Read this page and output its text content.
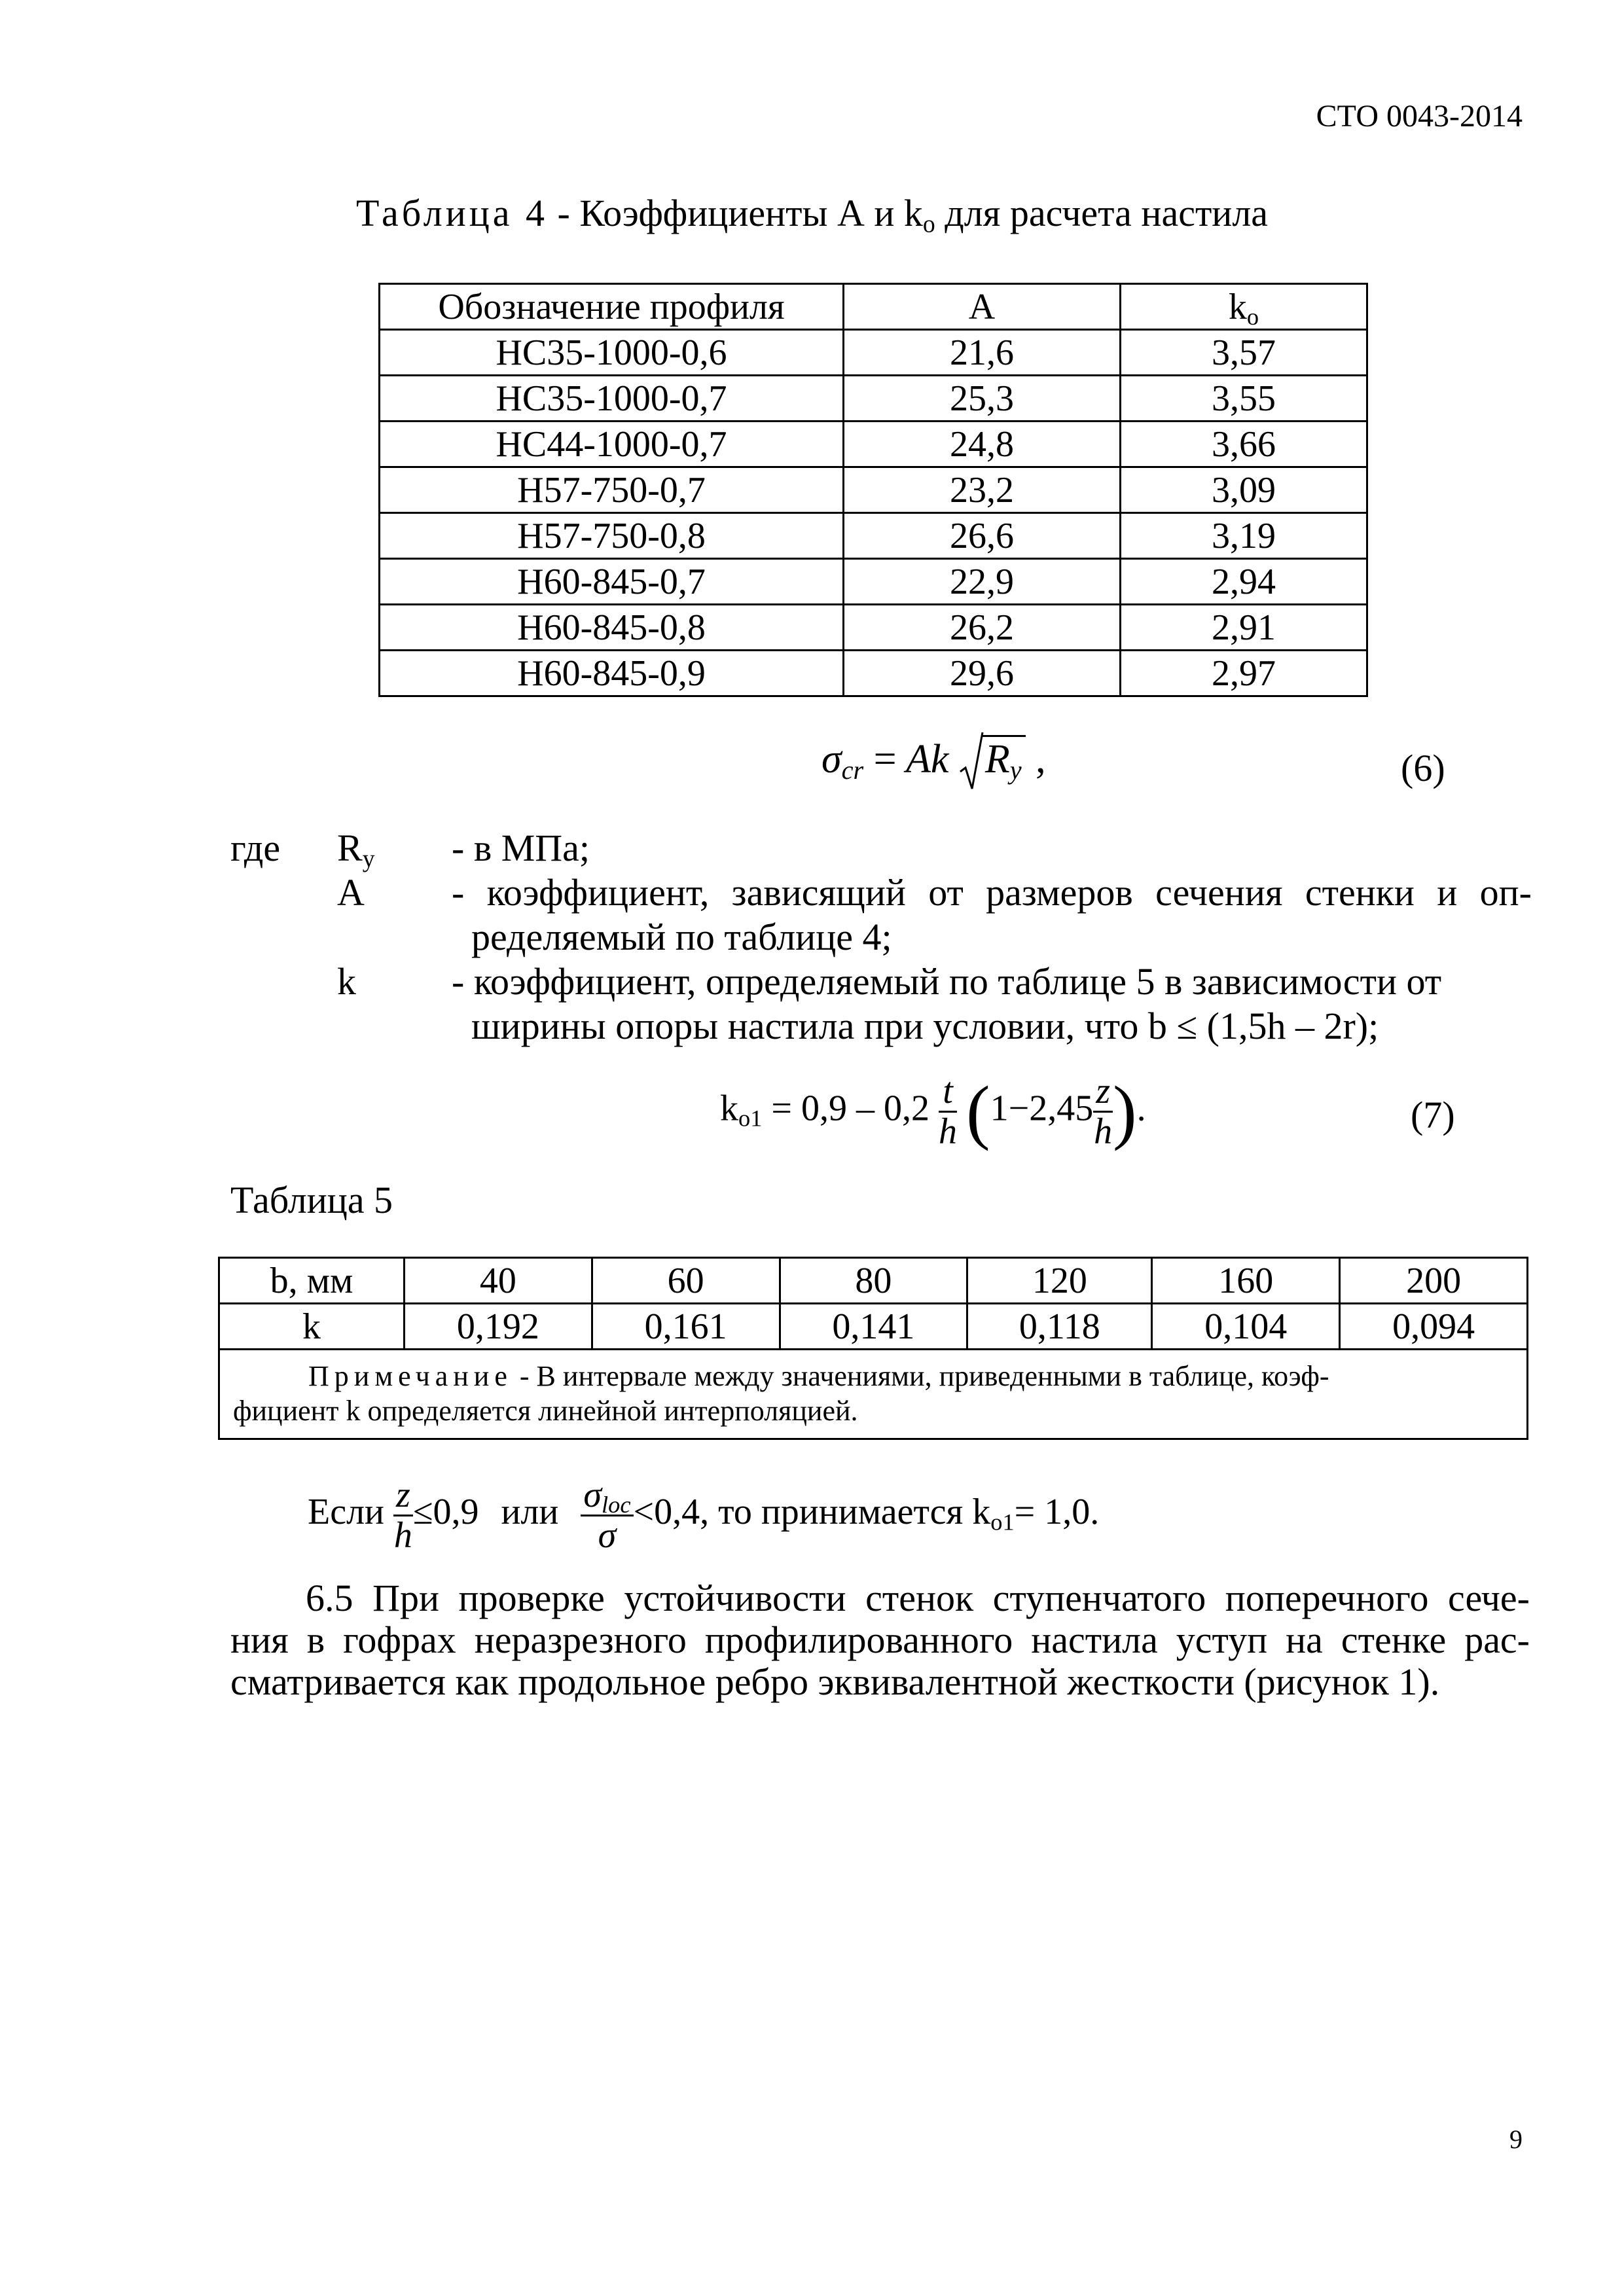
СТО 0043-2014
Таблица 4 - Коэффициенты А и $k_o$ для расчета настила
Обозначение профиля	А	$k_o$
НС35-1000-0,6	21,6	3,57
НС35-1000-0,7	25,3	3,55
НС44-1000-0,7	24,8	3,66
Н57-750-0,7	23,2	3,09
Н57-750-0,8	26,6	3,19
Н60-845-0,7	22,9	2,94
Н60-845-0,8	26,2	2,91
Н60-845-0,9	29,6	2,97
$\sigma_{cr} = Ak$ $R_y$ ,	(6)
где $R_y$ - в МПа;
А - коэффициент, зависящий от размеров сечения стенки и оп-
ределяемый по таблице 4;
k	- коэффициент, определяемый по таблице 5 в зависимости от
ширины опоры настила при условии, что b ≤ (1,5h – 2r);
$k_{o1} = 0,9 - 0,2 \frac{t}{h} (1-2,45 \frac{z}{h}$ ).	(7)
Таблица 5
b, мм	40	60	80	120	160	200
k	0,192	0,161	0,141	0,118	0,104	0,094

Примечание - В интервале между значениями, приведенными в таблице, коэф-
фициент k определяется линейной интерполяцией.						
Если $\frac{z}{h} \le 0,9$ или $\sigma_{loc}$
σ
<0,4, то принимается $k_{o1}= 1,0$.
6.5 При проверке устойчивости стенок ступенчатого поперечного сече-
ния в гофрах неразрезного профилированного настила уступ на стенке рас-
сматривается как продольное ребро эквивалентной жесткости (рисунок 1).
9
